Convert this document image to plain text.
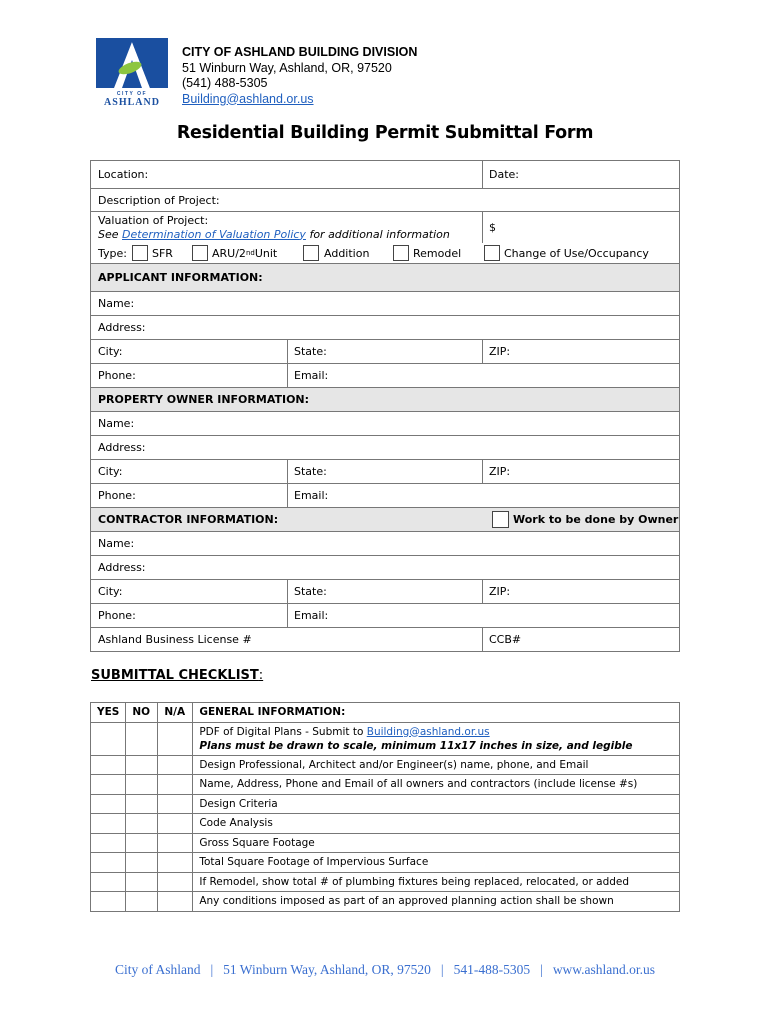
CITY OF
ASHLAND
CITY OF ASHLAND BUILDING DIVISION
51 Winburn Way, Ashland, OR, 97520
(541) 488-5305
Building@ashland.or.us
Residential Building Permit Submittal Form
Location:	Date:
Description of Project:
Valuation of Project:
See Determination of Valuation Policy for additional information	$
Type: SFR	ARU/2 nd Unit	Addition	Remodel	Change of Use/Occupancy
APPLICANT INFORMATION:
Name:
Address:
City:	State:	ZIP:
Phone:	Email:
PROPERTY OWNER INFORMATION:
Name:
Address:
City:	State:	ZIP:
Phone:	Email:
CONTRACTOR INFORMATION:	Work to be done by Owner
Name:
Address:
City:	State:	ZIP:
Phone:	Email:
Ashland Business License #	CCB#
SUBMITTAL CHECKLIST:
YES	NO	N/A	GENERAL INFORMATION:

			PDF of Digital Plans - Submit to Building@ashland.or.us
Plans must be drawn to scale, minimum 11x17 inches in size, and legible

			Design Professional, Architect and/or Engineer(s) name, phone, and Email
			Name, Address, Phone and Email of all owners and contractors (include license #s)
			Design Criteria
			Code Analysis
			Gross Square Footage
			Total Square Footage of Impervious Surface
			If Remodel, show total # of plumbing fixtures being replaced, relocated, or added
			Any conditions imposed as part of an approved planning action shall be shown
City of Ashland | 51 Winburn Way, Ashland, OR, 97520 | 541-488-5305 | www.ashland.or.us
